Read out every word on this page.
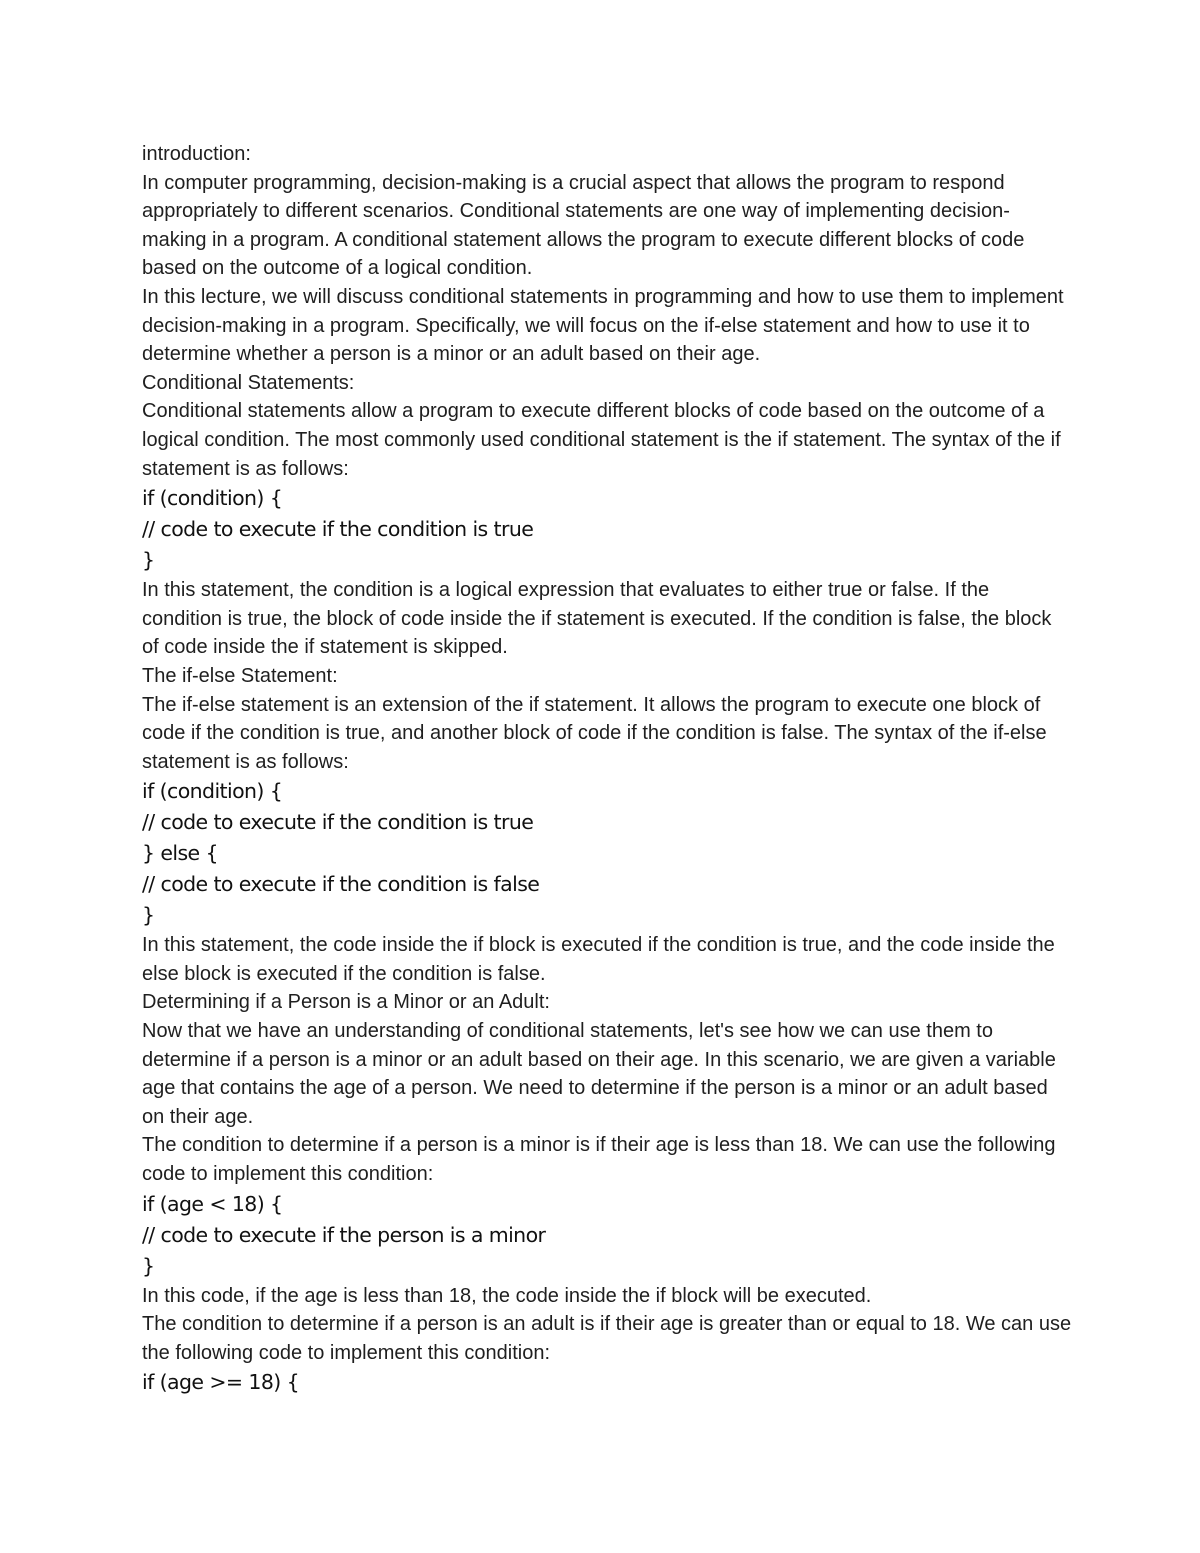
introduction:

In computer programming, decision-making is a crucial aspect that allows the program to respond appropriately to different scenarios. Conditional statements are one way of implementing decision-making in a program. A conditional statement allows the program to execute different blocks of code based on the outcome of a logical condition.

In this lecture, we will discuss conditional statements in programming and how to use them to implement decision-making in a program. Specifically, we will focus on the if-else statement and how to use it to determine whether a person is a minor or an adult based on their age.

Conditional Statements:

Conditional statements allow a program to execute different blocks of code based on the outcome of a logical condition. The most commonly used conditional statement is the if statement. The syntax of the if statement is as follows:

if (condition) {

// code to execute if the condition is true

}

In this statement, the condition is a logical expression that evaluates to either true or false. If the condition is true, the block of code inside the if statement is executed. If the condition is false, the block of code inside the if statement is skipped.

The if-else Statement:

The if-else statement is an extension of the if statement. It allows the program to execute one block of code if the condition is true, and another block of code if the condition is false. The syntax of the if-else statement is as follows:

if (condition) {

// code to execute if the condition is true

} else {

// code to execute if the condition is false

}

In this statement, the code inside the if block is executed if the condition is true, and the code inside the else block is executed if the condition is false.

Determining if a Person is a Minor or an Adult:

Now that we have an understanding of conditional statements, let's see how we can use them to determine if a person is a minor or an adult based on their age. In this scenario, we are given a variable age that contains the age of a person. We need to determine if the person is a minor or an adult based on their age.

The condition to determine if a person is a minor is if their age is less than 18. We can use the following code to implement this condition:

if (age < 18) {

// code to execute if the person is a minor

}

In this code, if the age is less than 18, the code inside the if block will be executed.

The condition to determine if a person is an adult is if their age is greater than or equal to 18. We can use the following code to implement this condition:

if (age >= 18) {
